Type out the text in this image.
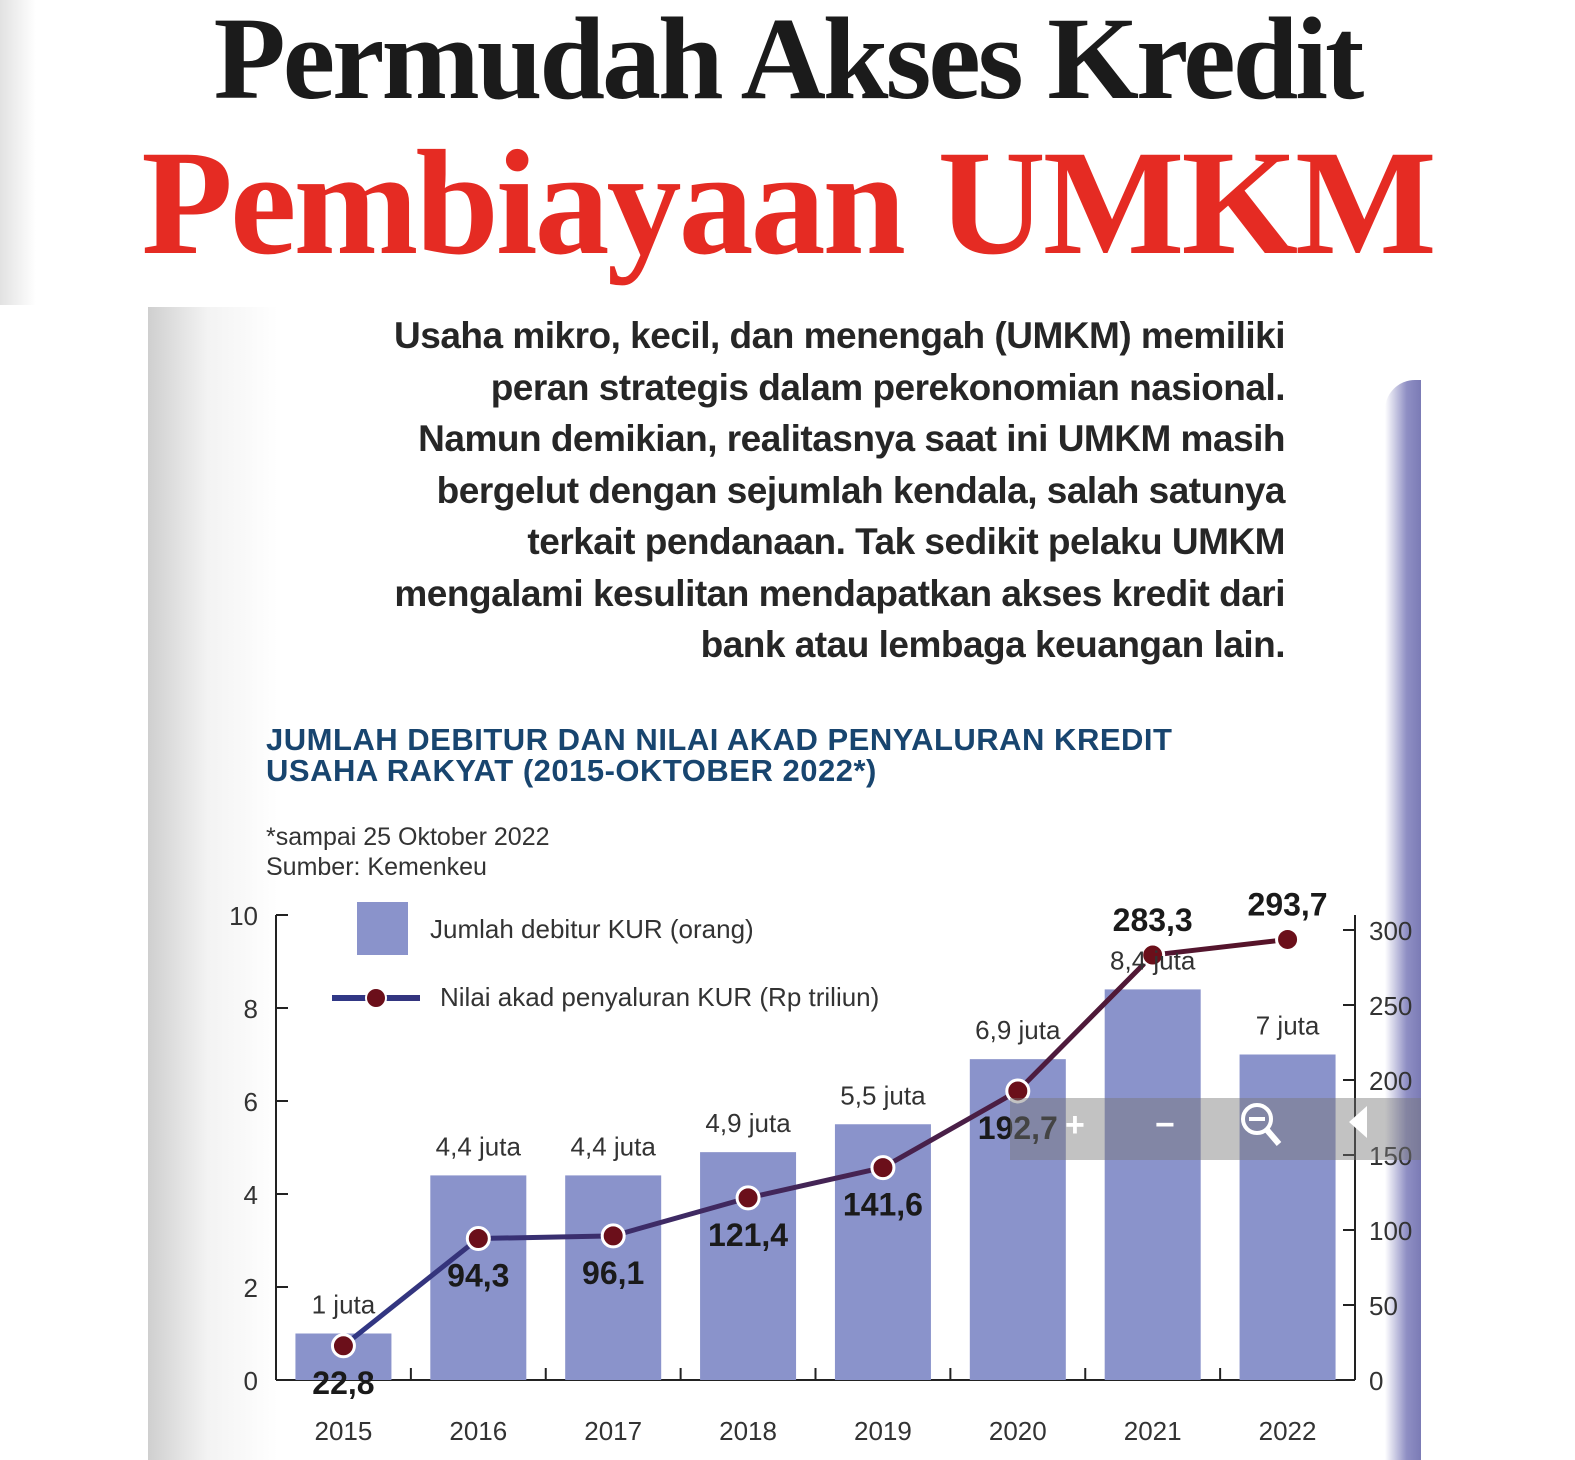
Permudah Akses Kredit
Pembiayaan UMKM

Usaha mikro, kecil, dan menengah (UMKM) memiliki

peran strategis dalam perekonomian nasional.

Namun demikian, realitasnya saat ini UMKM masih

bergelut dengan sejumlah kendala, salah satunya

terkait pendanaan. Tak sedikit pelaku UMKM

mengalami kesulitan mendapatkan akses kredit dari

bank atau lembaga keuangan lain.

JUMLAH DEBITUR DAN NILAI AKAD PENYALURAN KREDIT
USAHA RAKYAT (2015-OKTOBER 2022*)
*sampai 25 Oktober 2022
Sumber: Kemenkeu
0
2
4
6
8
10
0
50
100
150
200
250
300
2015	2016	2017	2018	2019	2020	2021	2022
1 juta
4,4 juta 4,4 juta
4,9 juta
5,5 juta
6,9 juta
8,4 juta
7 juta
22,8
94,3 96,1
121,4
141,6
192,7
283,3 293,7
Jumlah debitur KUR (orang)
Nilai akad penyaluran KUR (Rp triliun)
+ −
